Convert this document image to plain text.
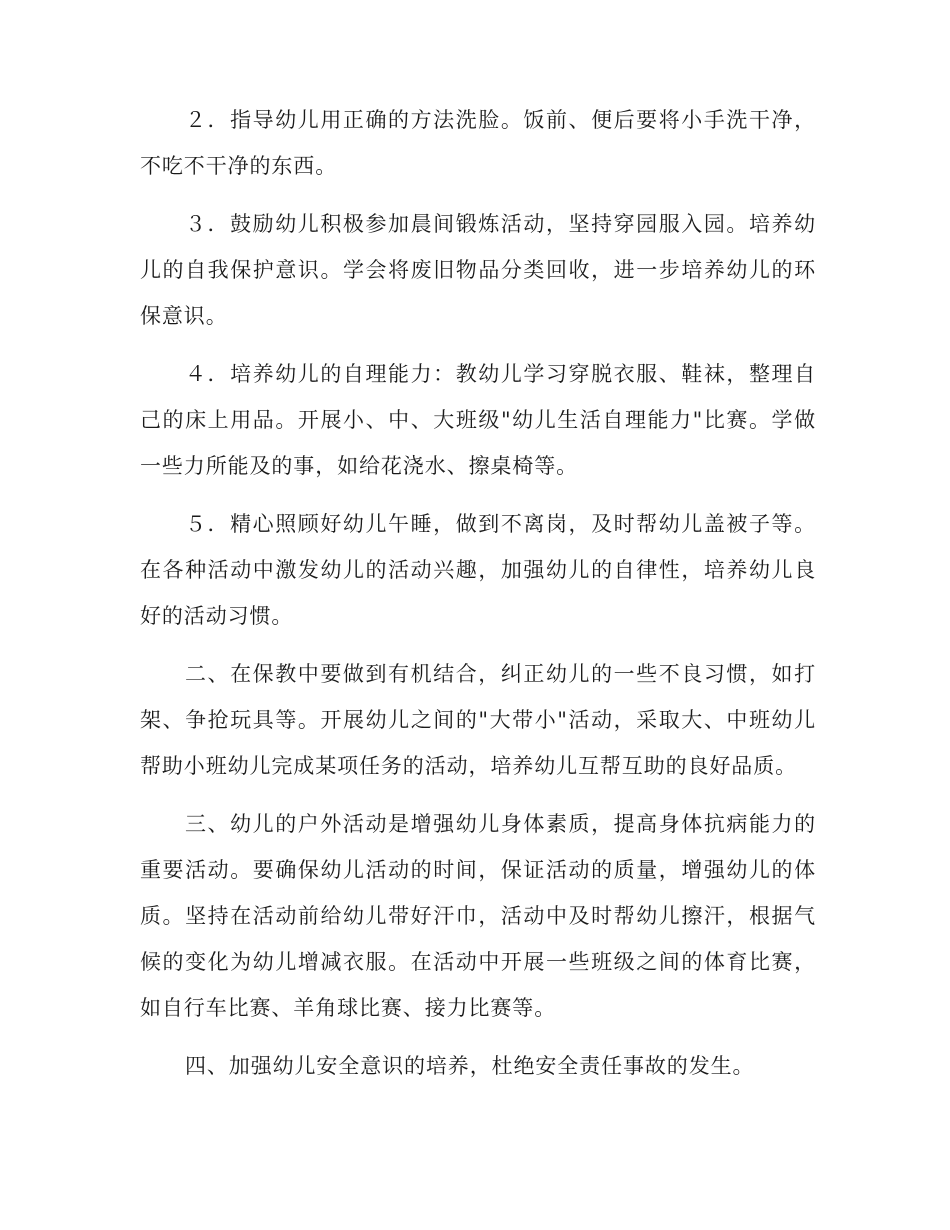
２．指导幼儿用正确的方法洗脸。饭前、便后要将小手洗干净，不吃不干净的东西。

３．鼓励幼儿积极参加晨间锻炼活动，坚持穿园服入园。培养幼儿的自我保护意识。学会将废旧物品分类回收，进一步培养幼儿的环保意识。

４．培养幼儿的自理能力：教幼儿学习穿脱衣服、鞋袜，整理自己的床上用品。开展小、中、大班级"幼儿生活自理能力"比赛。学做一些力所能及的事，如给花浇水、擦桌椅等。

５．精心照顾好幼儿午睡，做到不离岗，及时帮幼儿盖被子等。在各种活动中激发幼儿的活动兴趣，加强幼儿的自律性，培养幼儿良好的活动习惯。

二、在保教中要做到有机结合，纠正幼儿的一些不良习惯，如打架、争抢玩具等。开展幼儿之间的"大带小"活动，采取大、中班幼儿帮助小班幼儿完成某项任务的活动，培养幼儿互帮互助的良好品质。

三、幼儿的户外活动是增强幼儿身体素质，提高身体抗病能力的重要活动。要确保幼儿活动的时间，保证活动的质量，增强幼儿的体质。坚持在活动前给幼儿带好汗巾，活动中及时帮幼儿擦汗，根据气候的变化为幼儿增减衣服。在活动中开展一些班级之间的体育比赛，如自行车比赛、羊角球比赛、接力比赛等。

四、加强幼儿安全意识的培养，杜绝安全责任事故的发生。
